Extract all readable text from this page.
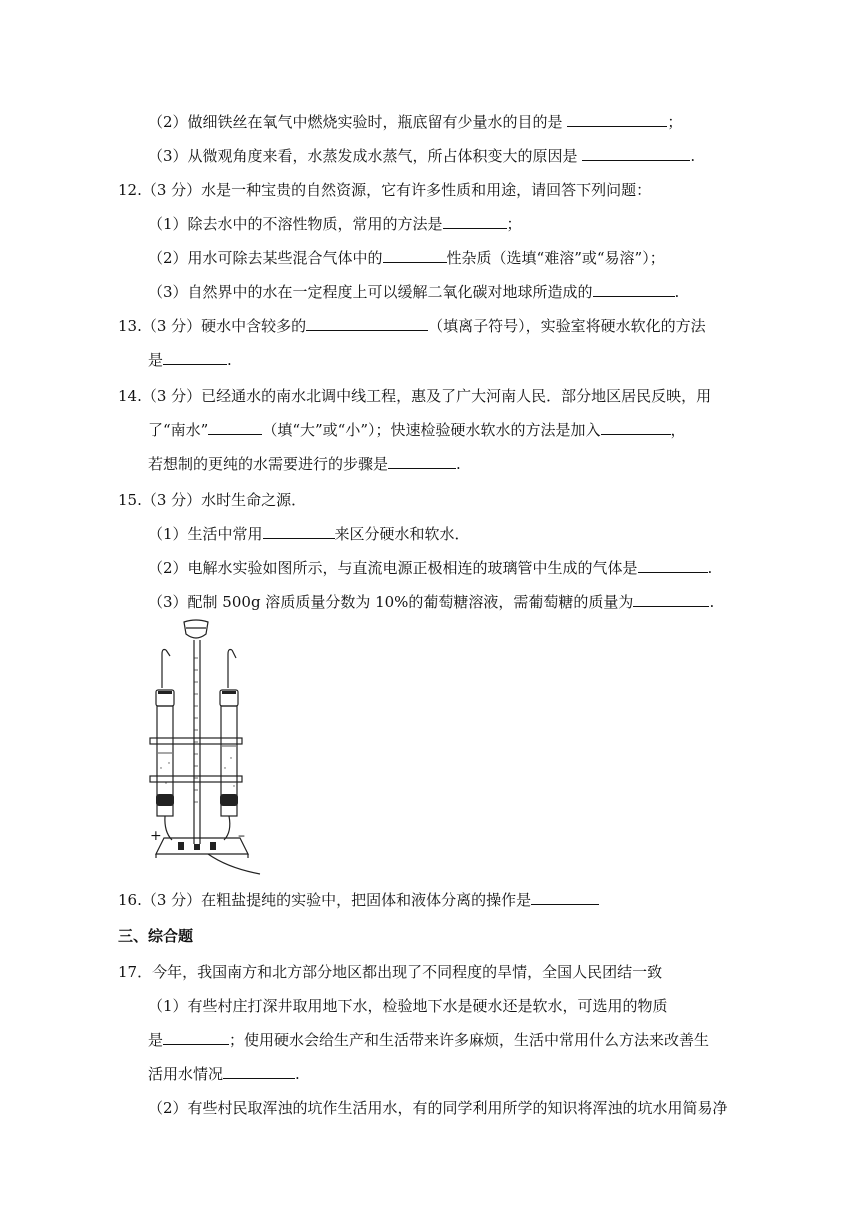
（2）做细铁丝在氧气中燃烧实验时，瓶底留有少量水的目的是	；
（3）从微观角度来看，水蒸发成水蒸气，所占体积变大的原因是	.
12.（3 分）水是一种宝贵的自然资源，它有许多性质和用途，请回答下列问题：
（1）除去水中的不溶性物质，常用的方法是	；
（2）用水可除去某些混合气体中的	性杂质（选填“难溶”或“易溶”）；
（3）自然界中的水在一定程度上可以缓解二氧化碳对地球所造成的	.
13.（3 分）硬水中含较多的	（填离子符号），实验室将硬水软化的方法
是	.
14.（3 分）已经通水的南水北调中线工程，惠及了广大河南人民．部分地区居民反映，用
了“南水”	（填“大”或“小”）；快速检验硬水软水的方法是加入	，
若想制的更纯的水需要进行的步骤是	.
15.（3 分）水时生命之源．
（1）生活中常用	来区分硬水和软水．
（2）电解水实验如图所示，与直流电源正极相连的玻璃管中生成的气体是	.
（3）配制 500g 溶质质量分数为 10%的葡萄糖溶液，需葡萄糖的质量为	.
+	–
16.（3 分）在粗盐提纯的实验中，把固体和液体分离的操作是
三、综合题
17．今年，我国南方和北方部分地区都出现了不同程度的旱情，全国人民团结一致
（1）有些村庄打深井取用地下水，检验地下水是硬水还是软水，可选用的物质
是	；使用硬水会给生产和生活带来许多麻烦，生活中常用什么方法来改善生
活用水情况	.
（2）有些村民取浑浊的坑作生活用水，有的同学利用所学的知识将浑浊的坑水用简易净
